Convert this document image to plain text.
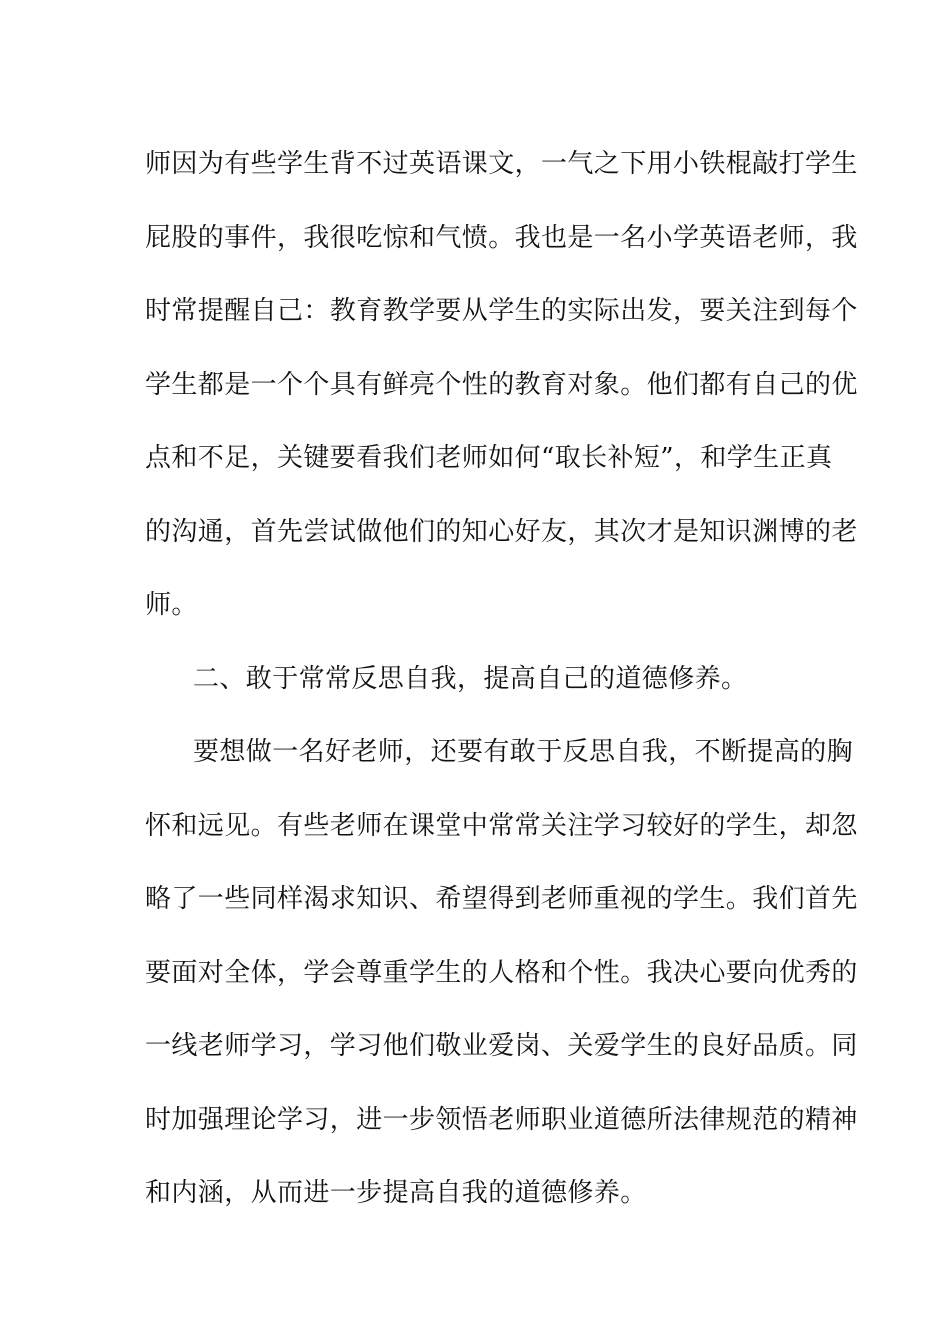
师因为有些学生背不过英语课文，一气之下用小铁棍敲打学生
屁股的事件，我很吃惊和气愤。我也是一名小学英语老师，我
时常提醒自己：教育教学要从学生的实际出发，要关注到每个
学生都是一个个具有鲜亮个性的教育对象。他们都有自己的优
点和不足，关键要看我们老师如何“取长补短”，和学生正真
的沟通，首先尝试做他们的知心好友，其次才是知识渊博的老
师。
二、敢于常常反思自我，提高自己的道德修养。
要想做一名好老师，还要有敢于反思自我，不断提高的胸
怀和远见。有些老师在课堂中常常关注学习较好的学生，却忽
略了一些同样渴求知识、希望得到老师重视的学生。我们首先
要面对全体，学会尊重学生的人格和个性。我决心要向优秀的
一线老师学习，学习他们敬业爱岗、关爱学生的良好品质。同
时加强理论学习，进一步领悟老师职业道德所法律规范的精神
和内涵，从而进一步提高自我的道德修养。
